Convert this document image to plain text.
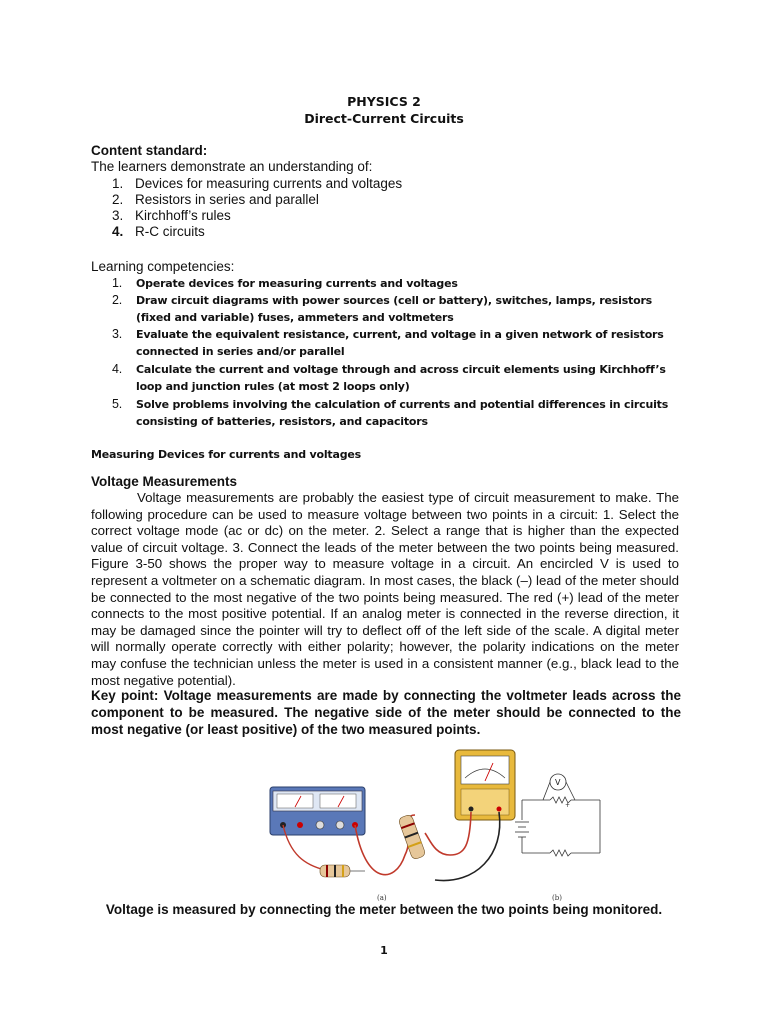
PHYSICS 2
Direct-Current Circuits
Content standard:
The learners demonstrate an understanding of:
1. Devices for measuring currents and voltages
2. Resistors in series and parallel
3. Kirchhoff’s rules
4. R-C circuits
Learning competencies:
1. Operate devices for measuring currents and voltages
2. Draw circuit diagrams with power sources (cell or battery), switches, lamps, resistors (fixed and variable) fuses, ammeters and voltmeters
3. Evaluate the equivalent resistance, current, and voltage in a given network of resistors connected in series and/or parallel
4. Calculate the current and voltage through and across circuit elements using Kirchhoff’s loop and junction rules (at most 2 loops only)
5. Solve problems involving the calculation of currents and potential differences in circuits consisting of batteries, resistors, and capacitors
Measuring Devices for currents and voltages
Voltage Measurements
Voltage measurements are probably the easiest type of circuit measurement to make. The following procedure can be used to measure voltage between two points in a circuit: 1. Select the correct voltage mode (ac or dc) on the meter. 2. Select a range that is higher than the expected value of circuit voltage. 3. Connect the leads of the meter between the two points being measured. Figure 3-50 shows the proper way to measure voltage in a circuit. An encircled V is used to represent a voltmeter on a schematic diagram. In most cases, the black (–) lead of the meter should be connected to the most negative of the two points being measured. The red (+) lead of the meter connects to the most positive potential. If an analog meter is connected in the reverse direction, it may be damaged since the pointer will try to deflect off of the left side of the scale. A digital meter will normally operate correctly with either polarity; however, the polarity indications on the meter may confuse the technician unless the meter is used in a consistent manner (e.g., black lead to the most negative potential).
Key point: Voltage measurements are made by connecting the voltmeter leads across the component to be measured. The negative side of the meter should be connected to the most negative (or least positive) of the two measured points.
(a)
V
+
(b)
Voltage is measured by connecting the meter between the two points being monitored.
1
